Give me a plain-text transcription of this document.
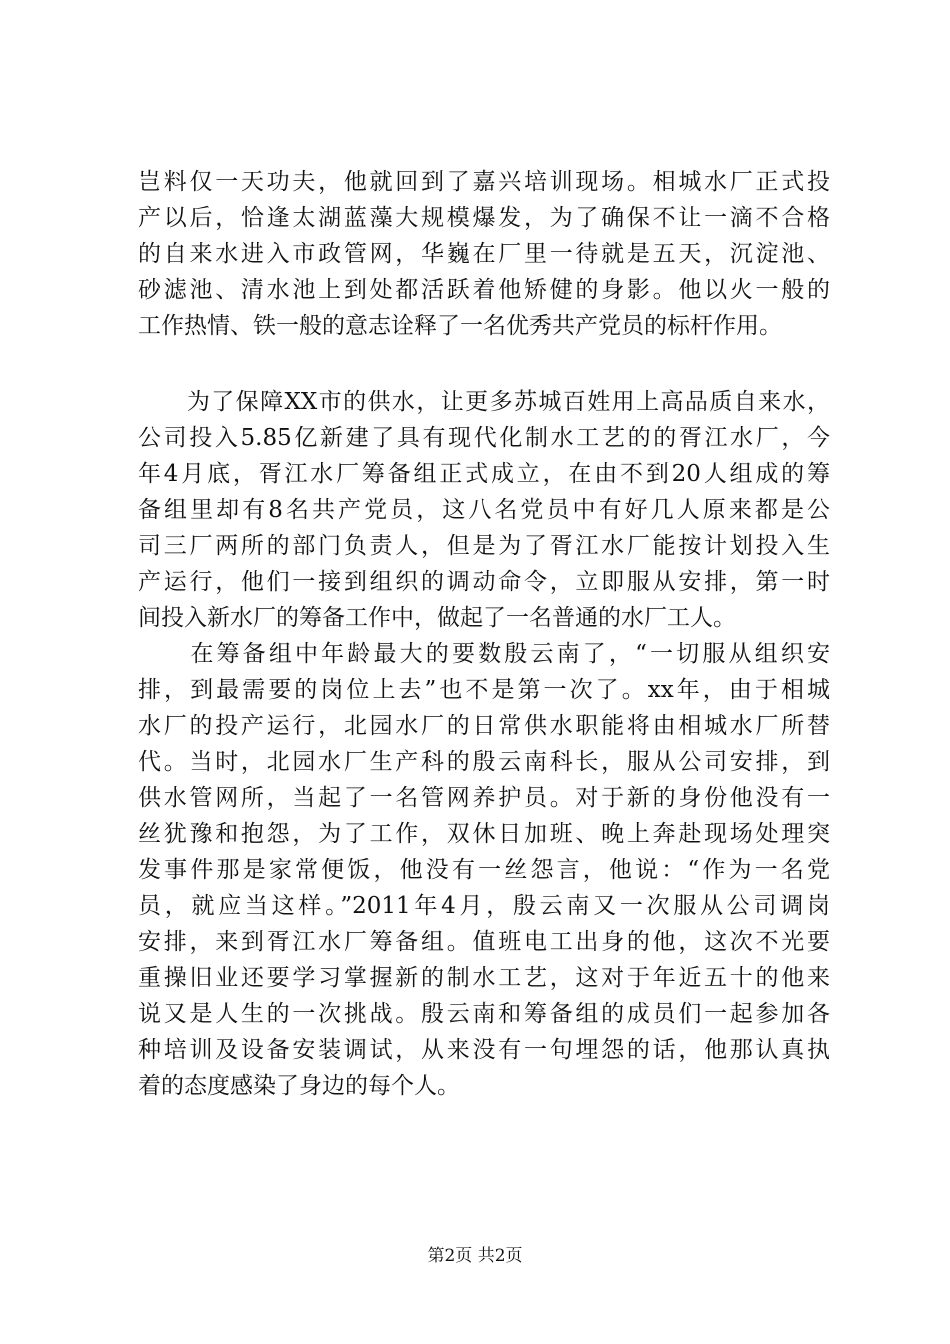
岂料仅一天功夫，他就回到了嘉兴培训现场。相城水厂正式投
产以后，恰逢太湖蓝藻大规模爆发，为了确保不让一滴不合格
的自来水进入市政管网，华巍在厂里一待就是五天，沉淀池、
砂滤池、清水池上到处都活跃着他矫健的身影。他以火一般的
工作热情、铁一般的意志诠释了一名优秀共产党员的标杆作用。
　　为了保障XX市的供水，让更多苏城百姓用上高品质自来水，
公司投入5.85亿新建了具有现代化制水工艺的的胥江水厂，今
年4月底，胥江水厂筹备组正式成立，在由不到20人组成的筹
备组里却有8名共产党员，这八名党员中有好几人原来都是公
司三厂两所的部门负责人，但是为了胥江水厂能按计划投入生
产运行，他们一接到组织的调动命令，立即服从安排，第一时
间投入新水厂的筹备工作中，做起了一名普通的水厂工人。
　　在筹备组中年龄最大的要数殷云南了，“一切服从组织安
排，到最需要的岗位上去”也不是第一次了。xx年，由于相城
水厂的投产运行，北园水厂的日常供水职能将由相城水厂所替
代。当时，北园水厂生产科的殷云南科长，服从公司安排，到
供水管网所，当起了一名管网养护员。对于新的身份他没有一
丝犹豫和抱怨，为了工作，双休日加班、晚上奔赴现场处理突
发事件那是家常便饭，他没有一丝怨言，他说：“作为一名党
员，就应当这样。”2011年4月，殷云南又一次服从公司调岗
安排，来到胥江水厂筹备组。值班电工出身的他，这次不光要
重操旧业还要学习掌握新的制水工艺，这对于年近五十的他来
说又是人生的一次挑战。殷云南和筹备组的成员们一起参加各
种培训及设备安装调试，从来没有一句埋怨的话，他那认真执
着的态度感染了身边的每个人。
第2页 共2页
